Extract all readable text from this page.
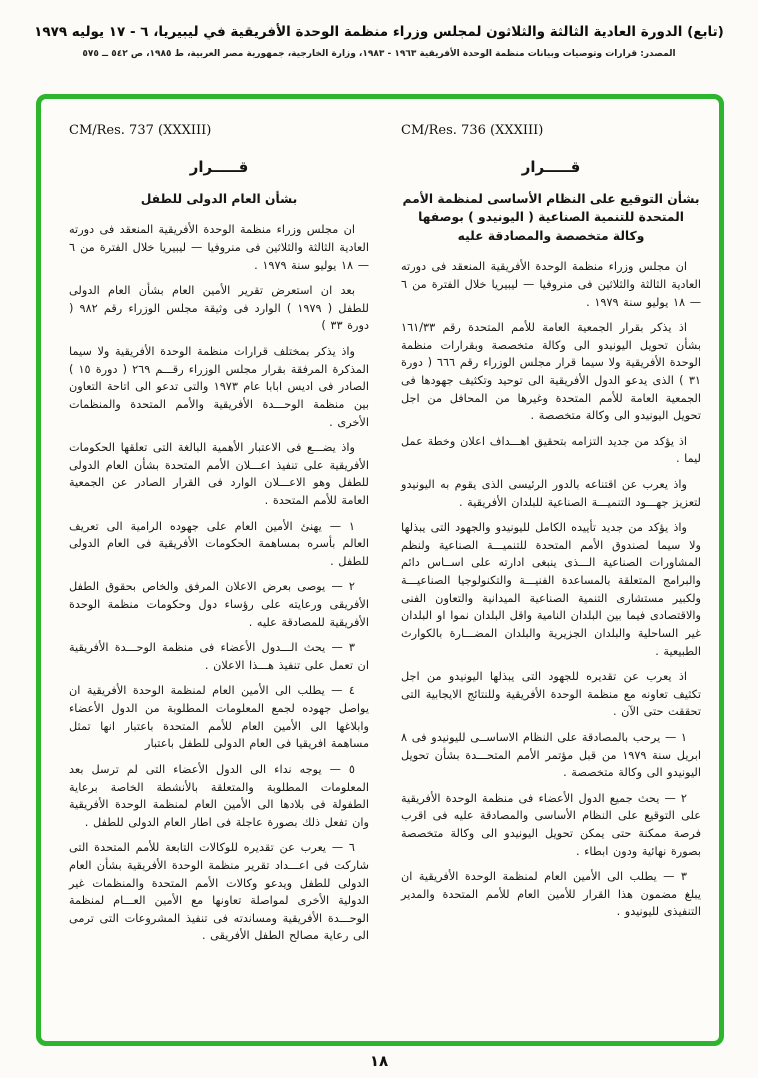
(تابع) الدورة العادية الثالثة والثلاثون لمجلس وزراء منظمة الوحدة الأفريقية في ليبيريا، ٦ - ١٧ يوليه ١٩٧٩
المصدر: قرارات وتوصيات وبيانات منظمة الوحدة الأفريقية ١٩٦٣ - ١٩٨٣، وزارة الخارجية، جمهورية مصر العربية، ط ١٩٨٥، ص ٥٤٢ ــ ٥٧٥
CM/Res. 736 (XXXIII)
قـــــرار
بشأن التوقيع على النظام الأساسى لمنظمة الأمم المتحدة للتنمية الصناعية ( اليونيدو ) بوصفها وكالة متخصصة والمصادقة عليه

ان مجلس وزراء منظمة الوحدة الأفريقية المنعقد فى دورته العادية الثالثة والثلاثين فى منروفيا — ليبيريا خلال الفترة من ٦ — ١٨ يوليو سنة ١٩٧٩ .

اذ يذكر بقرار الجمعية العامة للأمم المتحدة رقم ١٦١/٣٣ بشأن تحويل اليونيدو الى وكالة متخصصة وبقرارات منظمة الوحدة الأفريقية ولا سيما قرار مجلس الوزراء رقم ٦٦٦ ( دورة ٣١ ) الذى يدعو الدول الأفريقية الى توحيد وتكثيف جهودها فى الجمعية العامة للأمم المتحدة وغيرها من المحافل من اجل تحويل اليونيدو الى وكالة متخصصة .

اذ يؤكد من جديد التزامه بتحقيق اهـــداف اعلان وخطة عمل ليما .

واذ يعرب عن اقتناعه بالدور الرئيسى الذى يقوم به اليونيدو لتعزيز جهـــود التنميـــة الصناعية للبلدان الأفريقية .

واذ يؤكد من جديد تأييده الكامل لليونيدو والجهود التى يبذلها ولا سيما لصندوق الأمم المتحدة للتنميـــة الصناعية ولنظم المشاورات الصناعية الـــذى ينبغى ادارته على اســاس دائم والبرامج المتعلقة بالمساعدة الفنيـــة والتكنولوجيا الصناعيـــة ولكبير مستشارى التنمية الصناعية الميدانية والتعاون الفنى والاقتصادى فيما بين البلدان النامية واقل البلدان نموا او البلدان غير الساحلية والبلدان الجزيرية والبلدان المضـــارة بالكوارث الطبيعية .

اذ يعرب عن تقديره للجهود التى يبذلها اليونيدو من اجل تكثيف تعاونه مع منظمة الوحدة الأفريقية وللنتائج الايجابية التى تحققت حتى الآن .

١ — يرحب بالمصادقة على النظام الاساســى لليونيدو فى ٨ ابريل سنة ١٩٧٩ من قبل مؤتمر الأمم المتحـــدة بشأن تحويل اليونيدو الى وكالة متخصصة .

٢ — يحث جميع الدول الأعضاء فى منظمة الوحدة الأفريقية على التوقيع على النظام الأساسى والمصادقة عليه فى اقرب فرصة ممكنة حتى يمكن تحويل اليونيدو الى وكالة متخصصة بصورة نهائية ودون ابطاء .

٣ — يطلب الى الأمين العام لمنظمة الوحدة الأفريقية ان يبلغ مضمون هذا القرار للأمين العام للأمم المتحدة والمدير التنفيذى لليونيدو .

CM/Res. 737 (XXXIII)
قـــــرار
بشأن العام الدولى للطفل

ان مجلس وزراء منظمة الوحدة الأفريقية المنعقد فى دورته العادية الثالثة والثلاثين فى منروفيا — ليبيريا خلال الفترة من ٦ — ١٨ يوليو سنة ١٩٧٩ .

بعد ان استعرض تقرير الأمين العام بشأن العام الدولى للطفل ( ١٩٧٩ ) الوارد فى وثيقة مجلس الوزراء رقم ٩٨٢ ( دورة ٣٣ )

واذ يذكر بمختلف قرارات منظمة الوحدة الأفريقية ولا سيما المذكرة المرفقة بقرار مجلس الوزراء رقـــم ٢٦٩ ( دورة ١٥ ) الصادر فى اديس ابابا عام ١٩٧٣ والتى تدعو الى اتاحة التعاون بين منظمة الوحـــدة الأفريقية والأمم المتحدة والمنظمات الأخرى .

واذ يضـــع فى الاعتبار الأهمية البالغة التى تعلقها الحكومات الأفريقية على تنفيذ اعـــلان الأمم المتحدة بشأن العام الدولى للطفل وهو الاعـــلان الوارد فى القرار الصادر عن الجمعية العامة للأمم المتحدة .

١ — يهنئ الأمين العام على جهوده الرامية الى تعريف العالم بأسره بمساهمة الحكومات الأفريقية فى العام الدولى للطفل .

٢ — يوصى بعرض الاعلان المرفق والخاص بحقوق الطفل الأفريقى ورعايته على رؤساء دول وحكومات منظمة الوحدة الأفريقية للمصادقة عليه .

٣ — يحث الـــدول الأعضاء فى منظمة الوحـــدة الأفريقية ان تعمل على تنفيذ هـــذا الاعلان .

٤ — يطلب الى الأمين العام لمنظمة الوحدة الأفريقية ان يواصل جهوده لجمع المعلومات المطلوبة من الدول الأعضاء وابلاغها الى الأمين العام للأمم المتحدة باعتبار انها تمثل مساهمة افريقيا فى العام الدولى للطفل باعتبار

٥ — يوجه نداء الى الدول الأعضاء التى لم ترسل بعد المعلومات المطلوبة والمتعلقة بالأنشطة الخاصة برعاية الطفولة فى بلادها الى الأمين العام لمنظمة الوحدة الأفريقية وان تفعل ذلك بصورة عاجلة فى اطار العام الدولى للطفل .

٦ — يعرب عن تقديره للوكالات التابعة للأمم المتحدة التى شاركت فى اعـــداد تقرير منظمة الوحدة الأفريقية بشأن العام الدولى للطفل ويدعو وكالات الأمم المتحدة والمنظمات غير الدولية الأخرى لمواصلة تعاونها مع الأمين العـــام لمنظمة الوحـــدة الأفريقية ومساندته فى تنفيذ المشروعات التى ترمى الى رعاية مصالح الطفل الأفريقى .

١٨
